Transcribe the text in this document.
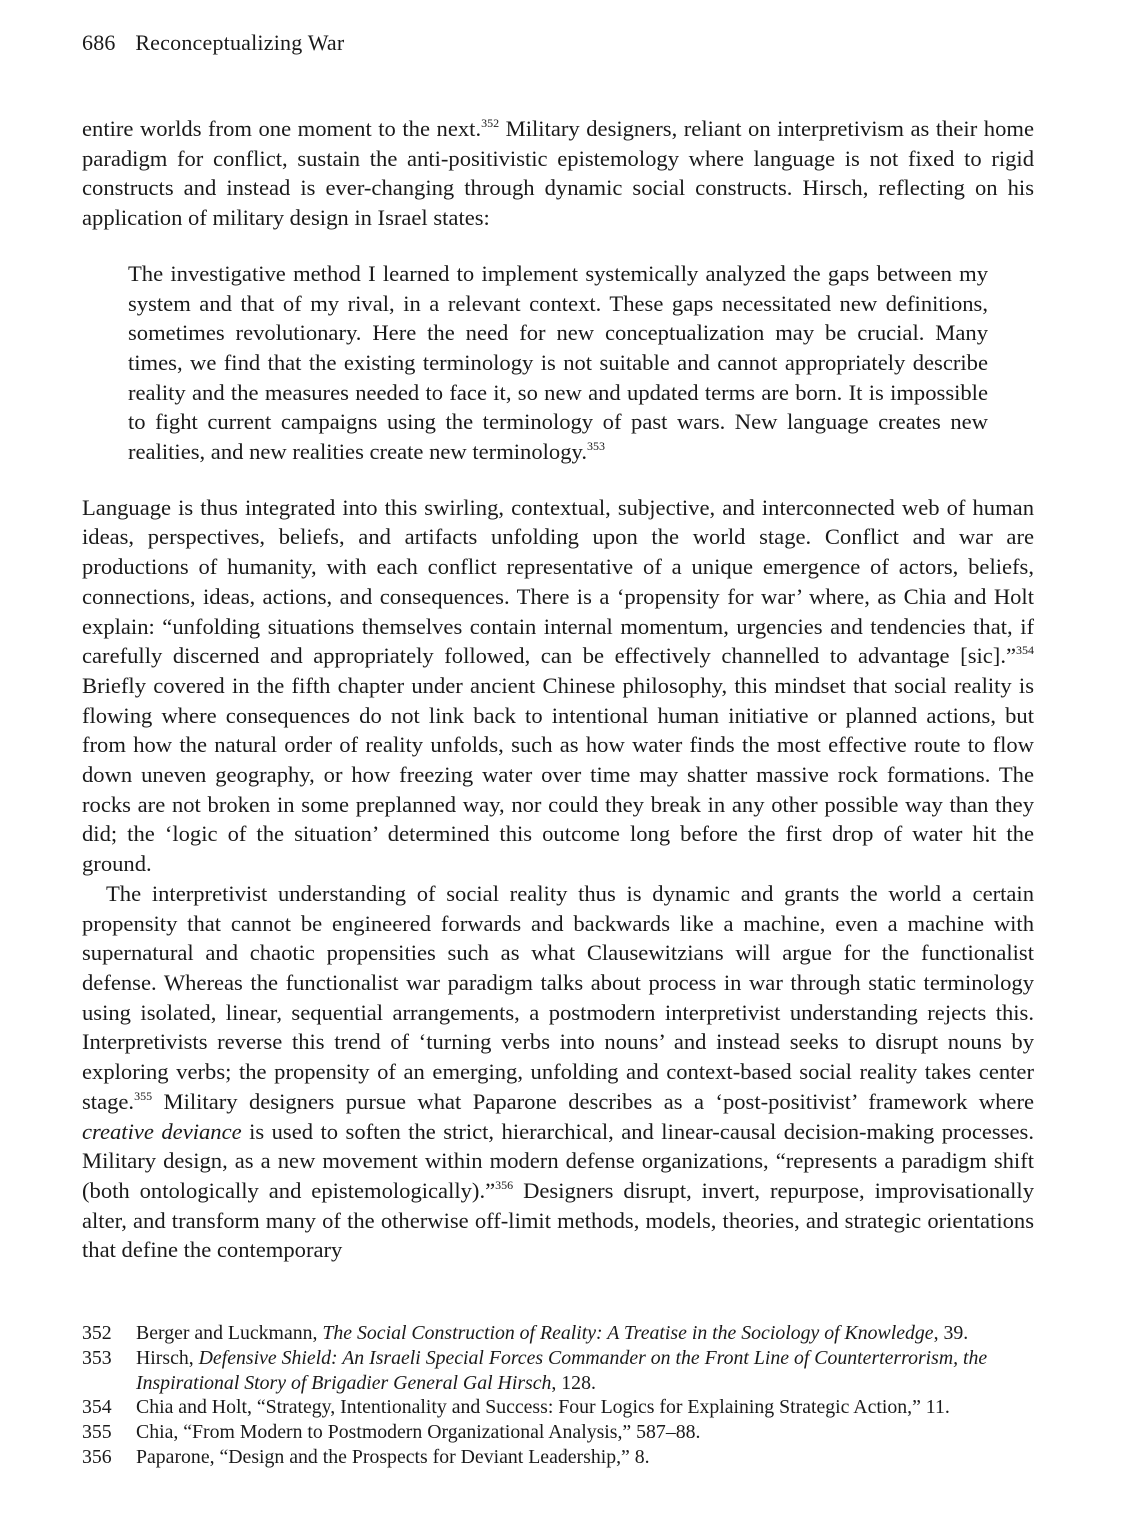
686 Reconceptualizing War

entire worlds from one moment to the next.$^{352}$ Military designers, reliant on interpretivism as their home paradigm for conflict, sustain the anti-positivistic epistemology where language is not fixed to rigid constructs and instead is ever-changing through dynamic social constructs. Hirsch, reflecting on his application of military design in Israel states:

The investigative method I learned to implement systemically analyzed the gaps between my system and that of my rival, in a relevant context. These gaps necessitated new definitions, sometimes revolutionary. Here the need for new conceptualization may be crucial. Many times, we find that the existing terminology is not suitable and cannot appropriately describe reality and the measures needed to face it, so new and updated terms are born. It is impossible to fight current campaigns using the terminology of past wars. New language creates new realities, and new realities create new terminology.$^{353}$

Language is thus integrated into this swirling, contextual, subjective, and interconnected web of human ideas, perspectives, beliefs, and artifacts unfolding upon the world stage. Conflict and war are productions of humanity, with each conflict representative of a unique emergence of actors, beliefs, connections, ideas, actions, and consequences. There is a ‘propensity for war’ where, as Chia and Holt explain: “unfolding situations themselves contain internal momentum, urgencies and tendencies that, if carefully discerned and appropriately followed, can be effectively channelled to advantage [sic].”$^{354}$ Briefly covered in the fifth chapter under ancient Chinese philosophy, this mindset that social reality is flowing where consequences do not link back to intentional human initiative or planned actions, but from how the natural order of reality unfolds, such as how water finds the most effective route to flow down uneven geography, or how freezing water over time may shatter massive rock formations. The rocks are not broken in some preplanned way, nor could they break in any other possible way than they did; the ‘logic of the situation’ determined this outcome long before the first drop of water hit the ground.

The interpretivist understanding of social reality thus is dynamic and grants the world a certain propensity that cannot be engineered forwards and backwards like a machine, even a machine with supernatural and chaotic propensities such as what Clausewitzians will argue for the functionalist defense. Whereas the functionalist war paradigm talks about process in war through static terminology using isolated, linear, sequential arrangements, a postmodern interpretivist understanding rejects this. Interpretivists reverse this trend of ‘turning verbs into nouns’ and instead seeks to disrupt nouns by exploring verbs; the propensity of an emerging, unfolding and context-based social reality takes center stage.$^{355}$ Military designers pursue what Paparone describes as a ‘post-positivist’ framework where creative deviance is used to soften the strict, hierarchical, and linear-causal decision-making processes. Military design, as a new movement within modern defense organizations, “represents a paradigm shift (both ontologically and epistemologically).”$^{356}$ Designers disrupt, invert, repurpose, improvisationally alter, and transform many of the otherwise off-limit methods, models, theories, and strategic orientations that define the contemporary

352	Berger and Luckmann, The Social Construction of Reality: A Treatise in the Sociology of Knowledge, 39.
353	Hirsch, Defensive Shield: An Israeli Special Forces Commander on the Front Line of Counterterrorism, the Inspirational Story of Brigadier General Gal Hirsch, 128.
354	Chia and Holt, “Strategy, Intentionality and Success: Four Logics for Explaining Strategic Action,” 11.
355	Chia, “From Modern to Postmodern Organizational Analysis,” 587–88.
356	Paparone, “Design and the Prospects for Deviant Leadership,” 8.
